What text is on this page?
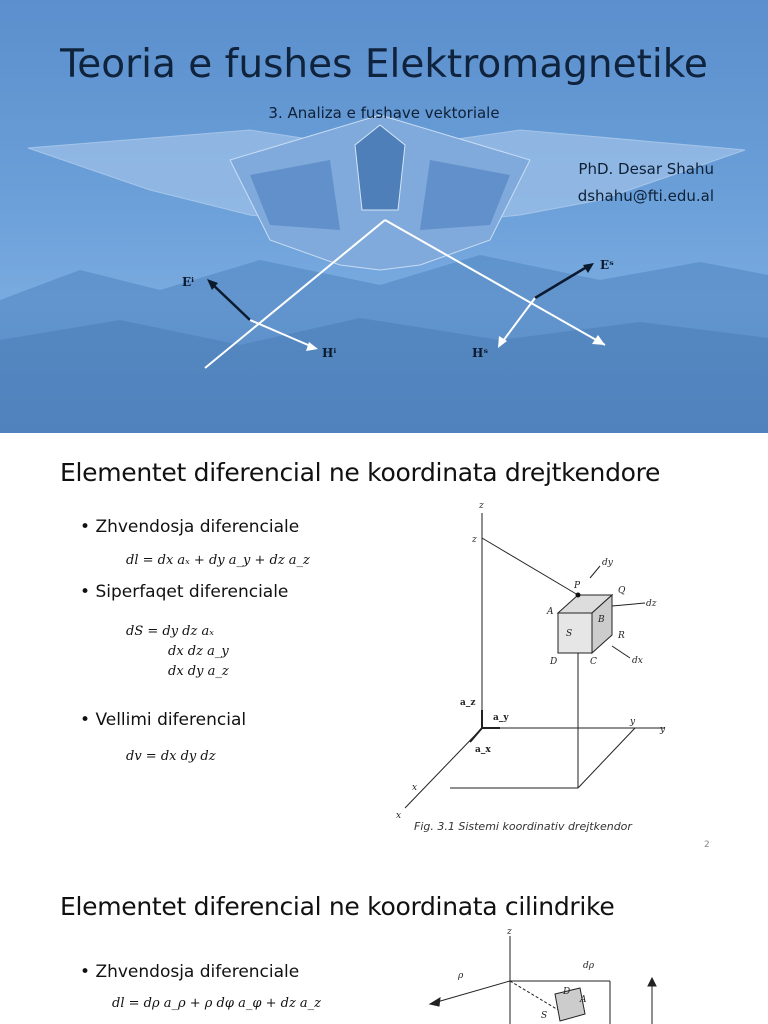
Eⁱ
Eˢ
Hⁱ	Hˢ
Teoria e fushes Elektromagnetike
3. Analiza e fushave vektoriale
PhD. Desar Shahu
dshahu@fti.edu.al
Elementet diferencial ne koordinata drejtkendore
• Zhvendosja diferenciale
dl = dx aₓ + dy a_y + dz a_z
• Siperfaqet diferenciale
dS = dy dz aₓ
dx dz a_y
dx dy a_z
• Vellimi diferencial
dv = dx dy dz
z
z
y
y
x
x
P	Q
A
B
S	R
D	C
dy
dz
dx
a_z
a_y
a_x
Fig. 3.1 Sistemi koordinativ drejtkendor
2
Elementet diferencial ne koordinata cilindrike
• Zhvendosja diferenciale
dl = dρ a_ρ + ρ dφ a_φ + dz a_z
z
ρ
dρ
D
A
S
